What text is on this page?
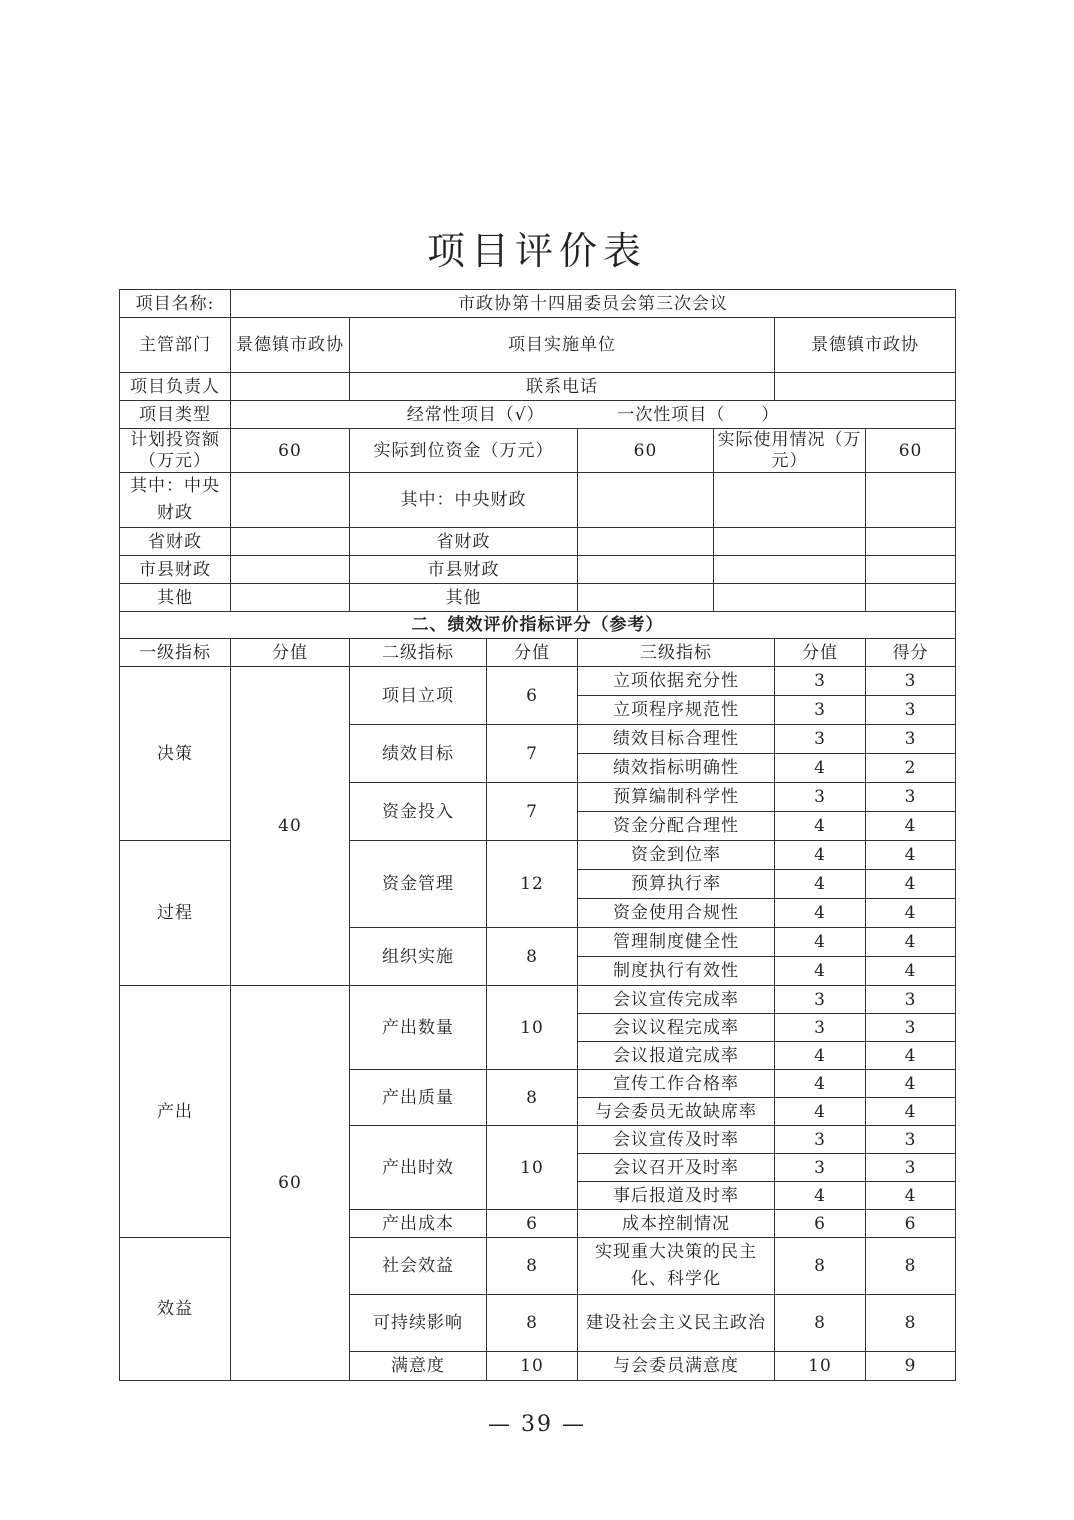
项目评价表
项目名称:	市政协第十四届委员会第三次会议						
主管部门	景德镇市政协	项目实施单位				景德镇市政协	
项目负责人		联系电话					
项目类型	经常性项目（√） 一次性项目（　　）						
计划投资额（万元）	60	实际到位资金（万元）		60	实际使用情况（万元）		60
其中：中央财政		其中：中央财政					
省财政		省财政					
市县财政		市县财政					
其他		其他					
二、绩效评价指标评分（参考）							
一级指标	分值	二级指标	分值	三级指标		分值	得分
决策	40	项目立项	6	立项依据充分性		3	3
				立项程序规范性		3	3
		绩效目标	7	绩效目标合理性		3	3
				绩效指标明确性		4	2
		资金投入	7	预算编制科学性		3	3
				资金分配合理性		4	4
过程		资金管理	12	资金到位率		4	4
				预算执行率		4	4
				资金使用合规性		4	4
		组织实施	8	管理制度健全性		4	4
				制度执行有效性		4	4
产出	60	产出数量	10	会议宣传完成率		3	3
				会议议程完成率		3	3
				会议报道完成率		4	4
		产出质量	8	宣传工作合格率		4	4
				与会委员无故缺席率		4	4
		产出时效	10	会议宣传及时率		3	3
				会议召开及时率		3	3
				事后报道及时率		4	4
		产出成本	6	成本控制情况		6	6
效益		社会效益	8	实现重大决策的民主化、科学化		8	8
		可持续影响	8	建设社会主义民主政治		8	8
		满意度	10	与会委员满意度		10	9
— 39 —
